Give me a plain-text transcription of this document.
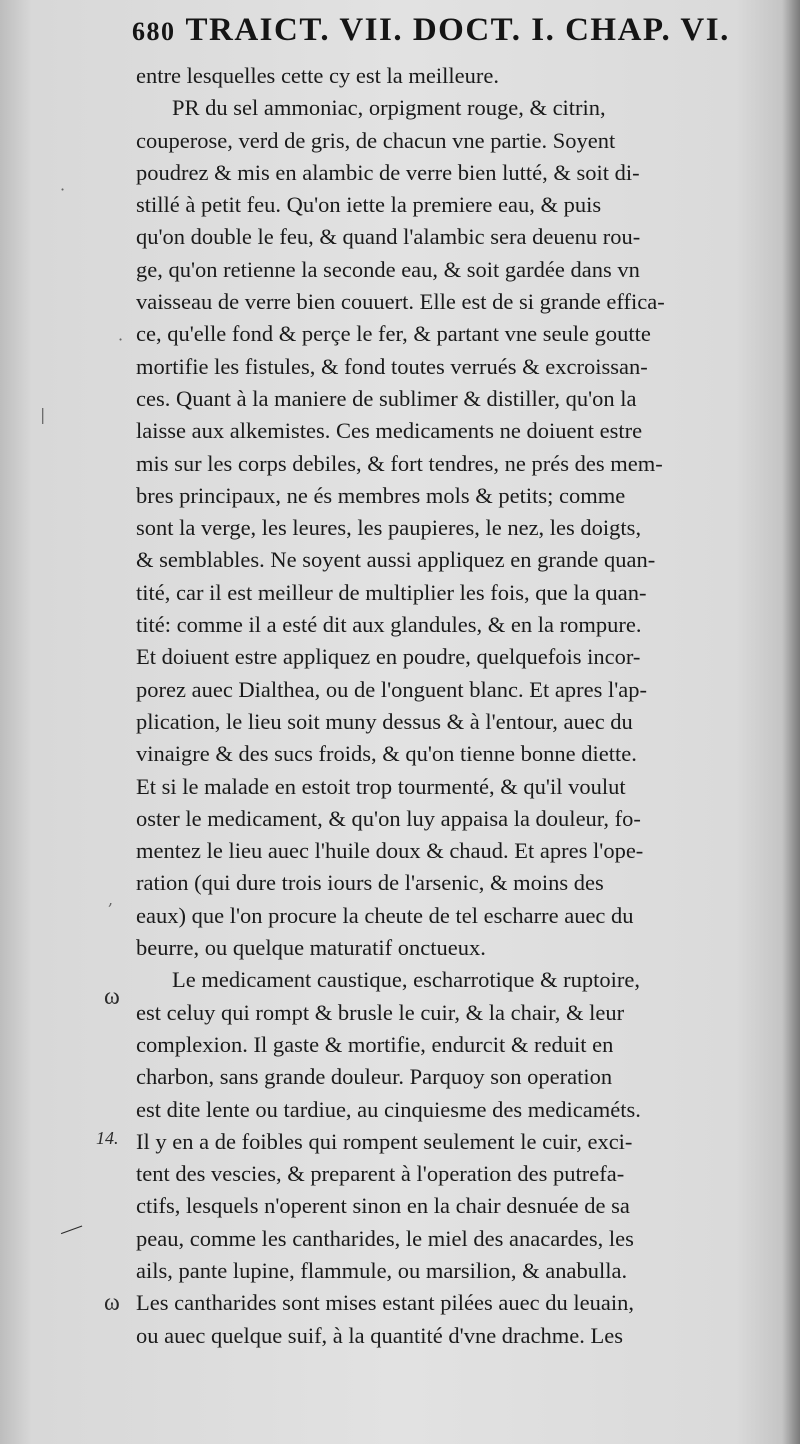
680 TRAICT. VII. DOCT. I. CHAP. VI.
entre lesquelles cette cy est la meilleure.
PR du sel ammoniac, orpigment rouge, & citrin,
couperose, verd de gris, de chacun vne partie. Soyent
poudrez & mis en alambic de verre bien lutté, & soit di-
stillé à petit feu. Qu'on iette la premiere eau, & puis
qu'on double le feu, & quand l'alambic sera deuenu rou-
ge, qu'on retienne la seconde eau, & soit gardée dans vn
vaisseau de verre bien couuert. Elle est de si grande effica-
ce, qu'elle fond & perçe le fer, & partant vne seule goutte
mortifie les fistules, & fond toutes verrués & excroissan-
ces. Quant à la maniere de sublimer & distiller, qu'on la
laisse aux alkemistes. Ces medicaments ne doiuent estre
mis sur les corps debiles, & fort tendres, ne prés des mem-
bres principaux, ne és membres mols & petits; comme
sont la verge, les leures, les paupieres, le nez, les doigts,
& semblables. Ne soyent aussi appliquez en grande quan-
tité, car il est meilleur de multiplier les fois, que la quan-
tité: comme il a esté dit aux glandules, & en la rompure.
Et doiuent estre appliquez en poudre, quelquefois incor-
porez auec Dialthea, ou de l'onguent blanc. Et apres l'ap-
plication, le lieu soit muny dessus & à l'entour, auec du
vinaigre & des sucs froids, & qu'on tienne bonne diette.
Et si le malade en estoit trop tourmenté, & qu'il voulut
oster le medicament, & qu'on luy appaisa la douleur, fo-
mentez le lieu auec l'huile doux & chaud. Et apres l'ope-
ration (qui dure trois iours de l'arsenic, & moins des
eaux) que l'on procure la cheute de tel escharre auec du
beurre, ou quelque maturatif onctueux.
Le medicament caustique, escharrotique & ruptoire,
est celuy qui rompt & brusle le cuir, & la chair, & leur
complexion. Il gaste & mortifie, endurcit & reduit en
charbon, sans grande douleur. Parquoy son operation
est dite lente ou tardiue, au cinquiesme des medicaméts.
Il y en a de foibles qui rompent seulement le cuir, exci-
tent des vescies, & preparent à l'operation des putrefa-
ctifs, lesquels n'operent sinon en la chair desnuée de sa
peau, comme les cantharides, le miel des anacardes, les
ails, pante lupine, flammule, ou marsilion, & anabulla.
Les cantharides sont mises estant pilées auec du leuain,
ou auec quelque suif, à la quantité d'vne drachme. Les
ω
14.
—
ω
·
·
|
,
